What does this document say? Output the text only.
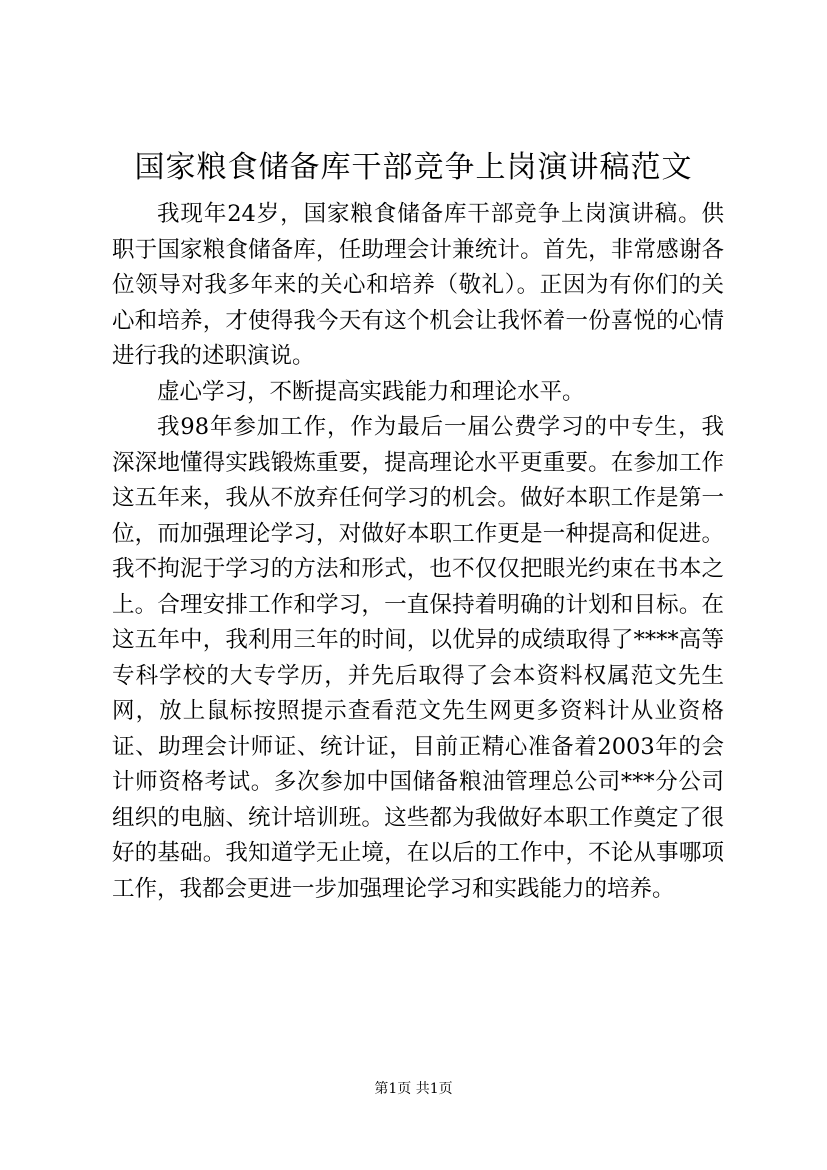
国家粮食储备库干部竞争上岗演讲稿范文

我现年24岁，国家粮食储备库干部竞争上岗演讲稿。供职于国家粮食储备库，任助理会计兼统计。首先，非常感谢各位领导对我多年来的关心和培养（敬礼）。正因为有你们的关心和培养，才使得我今天有这个机会让我怀着一份喜悦的心情进行我的述职演说。

虚心学习，不断提高实践能力和理论水平。

我98年参加工作，作为最后一届公费学习的中专生，我深深地懂得实践锻炼重要，提高理论水平更重要。在参加工作这五年来，我从不放弃任何学习的机会。做好本职工作是第一位，而加强理论学习，对做好本职工作更是一种提高和促进。我不拘泥于学习的方法和形式，也不仅仅把眼光约束在书本之上。合理安排工作和学习，一直保持着明确的计划和目标。在这五年中，我利用三年的时间，以优异的成绩取得了****高等专科学校的大专学历，并先后取得了会本资料权属范文先生网，放上鼠标按照提示查看范文先生网更多资料计从业资格证、助理会计师证、统计证，目前正精心准备着2003年的会计师资格考试。多次参加中国储备粮油管理总公司***分公司组织的电脑、统计培训班。这些都为我做好本职工作奠定了很好的基础。我知道学无止境，在以后的工作中，不论从事哪项工作，我都会更进一步加强理论学习和实践能力的培养。

第1页 共1页
